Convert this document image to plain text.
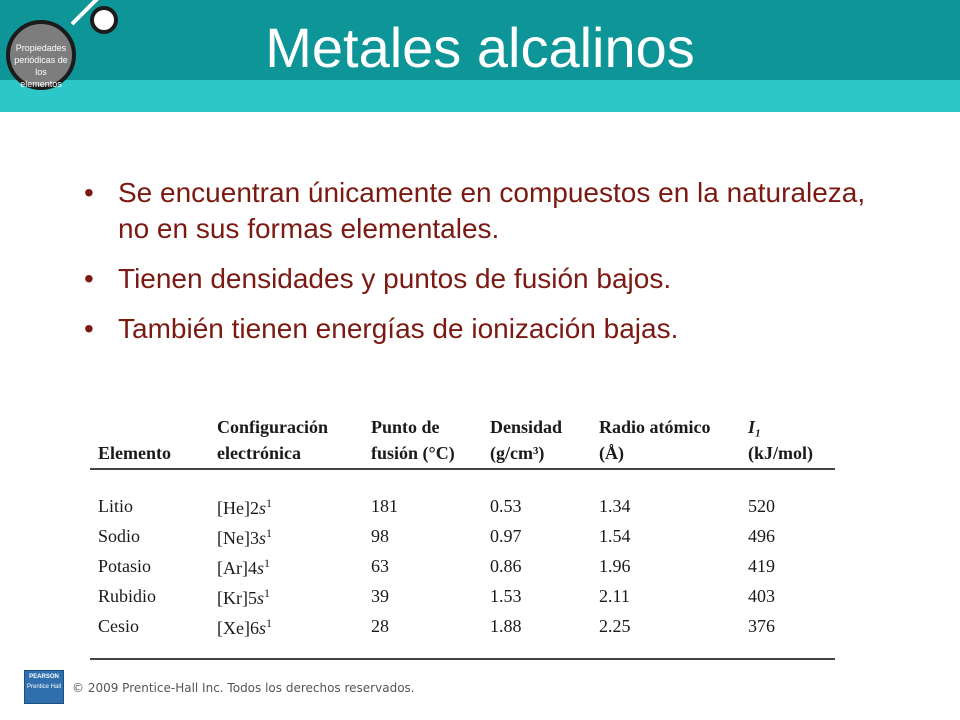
Propiedades periódicas de los elementos
Metales alcalinos
• Se encuentran únicamente en compuestos en la naturaleza, no en sus formas elementales.
• Tienen densidades y puntos de fusión bajos.
• También tienen energías de ionización bajas.
Elemento	Configuración electrónica	Punto de fusión (°C)	Densidad (g/cm³)	Radio atómico (Å)	I₁
(kJ/mol)
Litio	$[He]2s^1$	181	0.53	1.34	520
Sodio	$[Ne]3s^1$	98	0.97	1.54	496
Potasio	$[Ar]4s^1$	63	0.86	1.96	419
Rubidio	$[Kr]5s^1$	39	1.53	2.11	403
Cesio	$[Xe]6s^1$	28	1.88	2.25	376
PEARSON
Prentice Hall © 2009 Prentice-Hall Inc. Todos los derechos reservados.
